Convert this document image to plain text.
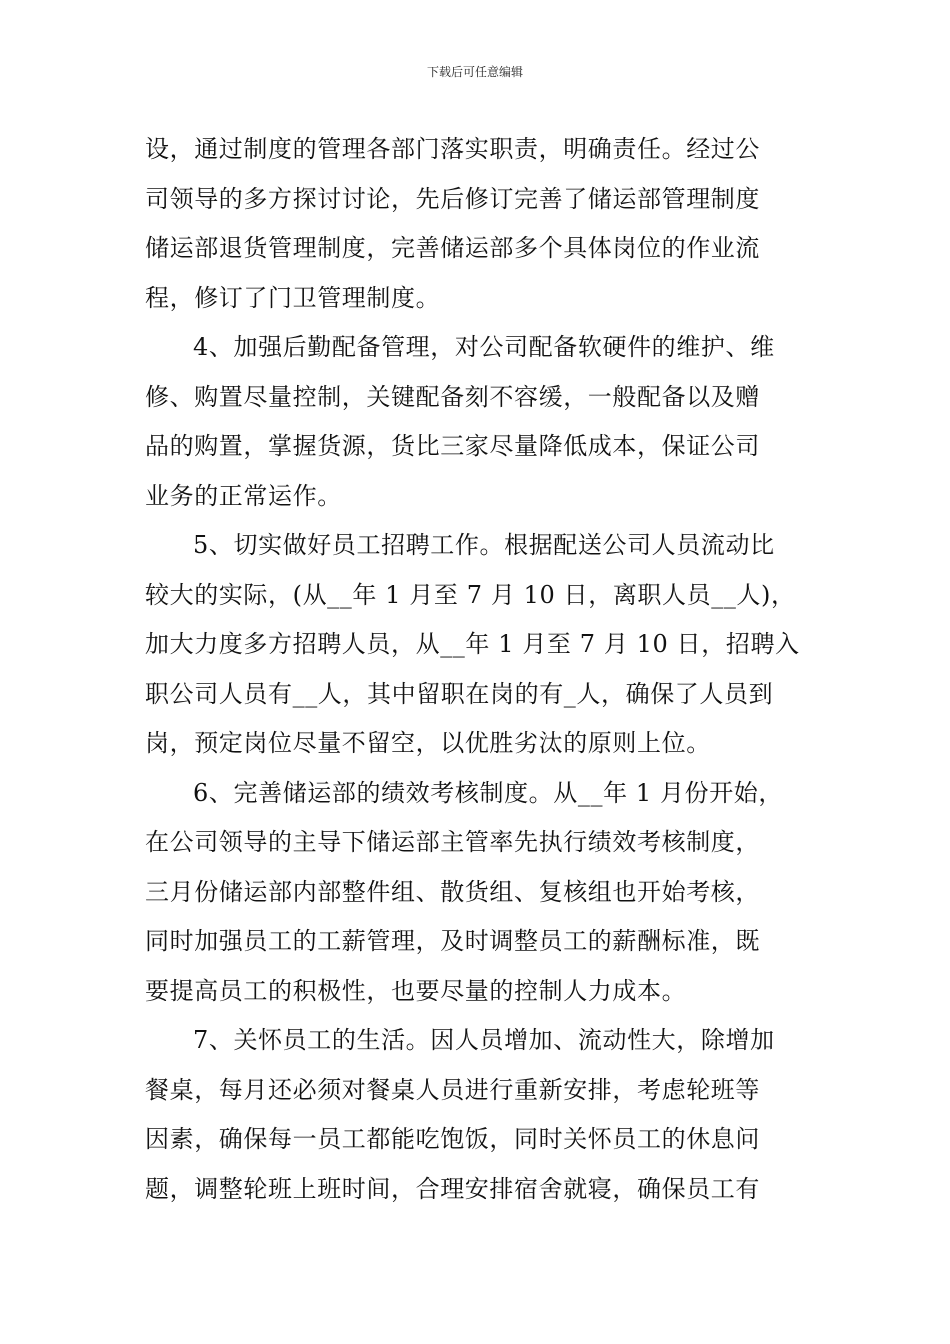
下载后可任意编辑
设，通过制度的管理各部门落实职责，明确责任。经过公
司领导的多方探讨讨论，先后修订完善了储运部管理制度
储运部退货管理制度，完善储运部多个具体岗位的作业流
程，修订了门卫管理制度。
4、加强后勤配备管理，对公司配备软硬件的维护、维
修、购置尽量控制，关键配备刻不容缓，一般配备以及赠
品的购置，掌握货源，货比三家尽量降低成本，保证公司
业务的正常运作。
5、切实做好员工招聘工作。根据配送公司人员流动比
较大的实际，(从__年 1 月至 7 月 10 日，离职人员__人)，
加大力度多方招聘人员，从__年 1 月至 7 月 10 日，招聘入
职公司人员有__人，其中留职在岗的有_人，确保了人员到
岗，预定岗位尽量不留空，以优胜劣汰的原则上位。
6、完善储运部的绩效考核制度。从__年 1 月份开始，
在公司领导的主导下储运部主管率先执行绩效考核制度，
三月份储运部内部整件组、散货组、复核组也开始考核，
同时加强员工的工薪管理，及时调整员工的薪酬标准，既
要提高员工的积极性，也要尽量的控制人力成本。
7、关怀员工的生活。因人员增加、流动性大，除增加
餐桌，每月还必须对餐桌人员进行重新安排，考虑轮班等
因素，确保每一员工都能吃饱饭，同时关怀员工的休息问
题，调整轮班上班时间，合理安排宿舍就寝，确保员工有
